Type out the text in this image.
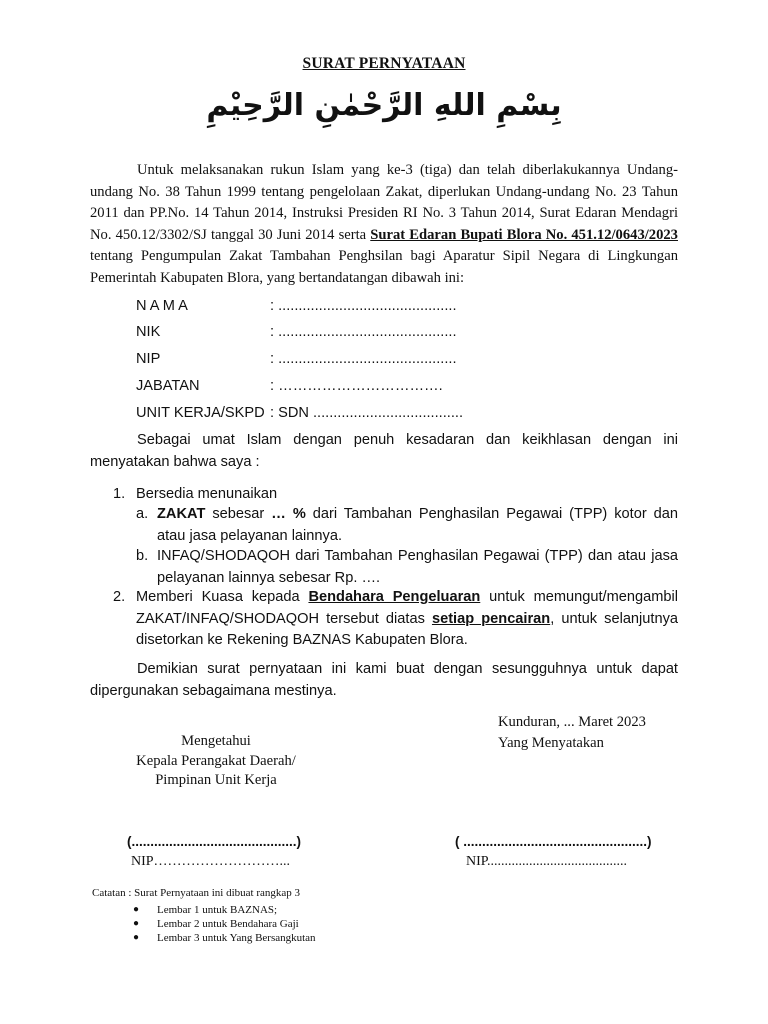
SURAT PERNYATAAN
بِسْمِ اللهِ الرَّحْمٰنِ الرَّحِيْمِ
Untuk melaksanakan rukun Islam yang ke-3 (tiga) dan telah diberlakukannya Undang-undang No. 38 Tahun 1999 tentang pengelolaan Zakat, diperlukan Undang-undang No. 23 Tahun 2011 dan PP.No. 14 Tahun 2014, Instruksi Presiden RI No. 3 Tahun 2014, Surat Edaran Mendagri No. 450.12/3302/SJ tanggal 30 Juni 2014 serta Surat Edaran Bupati Blora No. 451.12/0643/2023 tentang Pengumpulan Zakat Tambahan Penghsilan bagi Aparatur Sipil Negara di Lingkungan Pemerintah Kabupaten Blora, yang bertandatangan dibawah ini:
N A M A	: ............................................
NIK	: ............................................
NIP	: ............................................
JABATAN	: …………………………….
UNIT KERJA/SKPD : SDN .....................................
Sebagai umat Islam dengan penuh kesadaran dan keikhlasan dengan ini menyatakan bahwa saya :
1. Bersedia menunaikan
a. ZAKAT sebesar … % dari Tambahan Penghasilan Pegawai (TPP) kotor dan atau jasa pelayanan lainnya.
b. INFAQ/SHODAQOH dari Tambahan Penghasilan Pegawai (TPP) dan atau jasa pelayanan lainnya sebesar Rp. ….
2. Memberi Kuasa kepada Bendahara Pengeluaran untuk memungut/mengambil ZAKAT/INFAQ/SHODAQOH tersebut diatas setiap pencairan, untuk selanjutnya disetorkan ke Rekening BAZNAS Kabupaten Blora.
Demikian surat pernyataan ini kami buat dengan sesungguhnya untuk dapat dipergunakan sebagaimana mestinya.
Kunduran, ... Maret 2023
Yang Menyatakan
Mengetahui
Kepala Perangakat Daerah/
Pimpinan Unit Kerja
(............................................)
NIP………………………...
( .................................................)
NIP........................................
Catatan : Surat Pernyataan ini dibuat rangkap 3
● Lembar 1 untuk BAZNAS;
● Lembar 2 untuk Bendahara Gaji
● Lembar 3 untuk Yang Bersangkutan
